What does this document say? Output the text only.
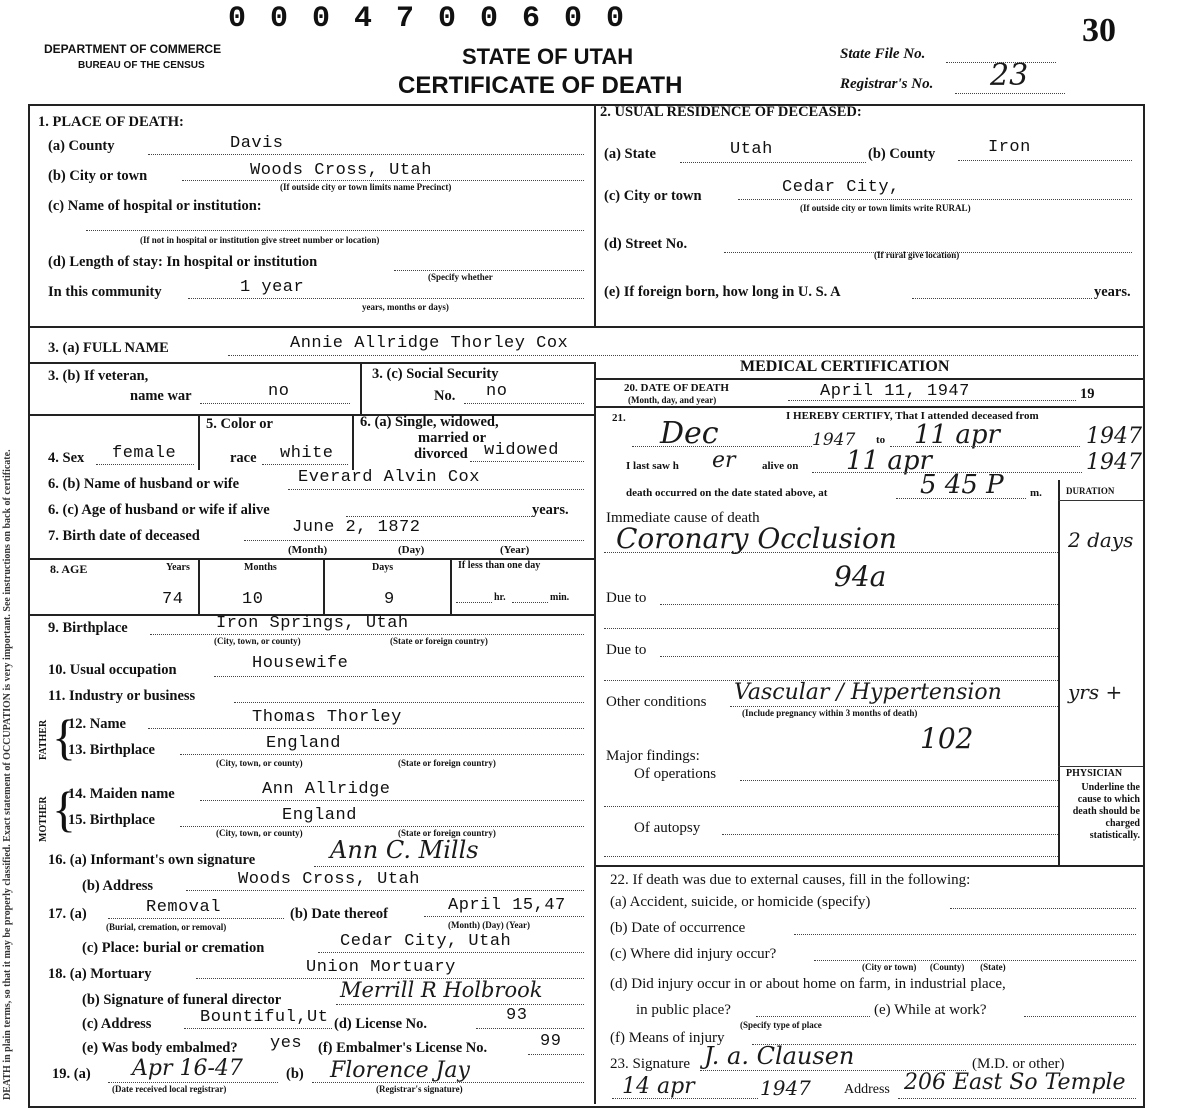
0 0 0 4 7 0 0 6 0 0
DEPARTMENT OF COMMERCE
BUREAU OF THE CENSUS	STATE OF UTAH
CERTIFICATE OF DEATH
State File No.
30
Registrar's No. 23
DEATH in plain terms, so that it may be properly classified. Exact statement of OCCUPATION is very important. See instructions on back of certificate.
1. PLACE OF DEATH:
(a) County	Davis
(b) City or town	Woods Cross, Utah
(If outside city or town limits name Precinct)
(c) Name of hospital or institution:
(If not in hospital or institution give street number or location)
(d) Length of stay: In hospital or institution
(Specify whether
In this community	1 year
years, months or days)
2. USUAL RESIDENCE OF DECEASED:
(a) State	Utah	(b) County	Iron
(c) City or town	Cedar City,
(If outside city or town limits write RURAL)
(d) Street No.
(If rural give location)
(e) If foreign born, how long in U. S. A	years.
3. (a) FULL NAME	Annie Allridge Thorley Cox
3. (b) If veteran,
name war	no
3. (c) Social Security
No. no
5. Color or	6. (a) Single, widowed,
married or
4. Sex female	race white	divorced widowed
6. (b) Name of husband or wife	Everard Alvin Cox
6. (c) Age of husband or wife if alive	years.
7. Birth date of deceased	June 2, 1872
(Month)	(Day)	(Year)
8. AGE	Years	Months	Days	If less than one day
74	10	9	hr.	min.
9. Birthplace	Iron Springs, Utah
(City, town, or county)	(State or foreign country)
10. Usual occupation	Housewife
11. Industry or business
FATHER
MOTHER
{
{
12. Name	Thomas Thorley
13. Birthplace	England
(City, town, or county)	(State or foreign country)
14. Maiden name	Ann Allridge
15. Birthplace	England
(City, town, or county)	(State or foreign country)
16. (a) Informant's own signature	Ann C. Mills
(b) Address	Woods Cross, Utah
17. (a)	Removal
(Burial, cremation, or removal)
(b) Date thereof	April 15,47
(Month) (Day) (Year)
(c) Place: burial or cremation	Cedar City, Utah
18. (a) Mortuary	Union Mortuary
(b) Signature of funeral director	Merrill R Holbrook
(c) Address	Bountiful,Ut (d) License No.	93
(e) Was body embalmed? yes (f) Embalmer's License No.	99
19. (a) Apr 16-47
(Date received local registrar)
(b) Florence Jay
(Registrar's signature)
MEDICAL CERTIFICATION
20. DATE OF DEATH
(Month, day, and year)	April 11, 1947	19
21.	I HEREBY CERTIFY, That I attended deceased from
Dec	1947 to 11 apr	1947
I last saw h er alive on 11 apr	1947
death occurred on the date stated above, at	5 45 P m.	DURATION
Immediate cause of death
Coronary Occlusion	2 days
94a
Due to
Due to
Other conditions Vascular / Hypertension	yrs +
(Include pregnancy within 3 months of death)
102
Major findings:
Of operations
Of autopsy
PHYSICIAN
Underline the cause to which death should be charged statistically.
22. If death was due to external causes, fill in the following:
(a) Accident, suicide, or homicide (specify)
(b) Date of occurrence
(c) Where did injury occur?
(City or town)      (County)       (State)
(d) Did injury occur in or about home on farm, in industrial place,
in public place?
(Specify type of place
(e) While at work?
(f) Means of injury
23. Signature J. a. Clausen	(M.D. or other)
14 apr	1947 Address 206 East So Temple
